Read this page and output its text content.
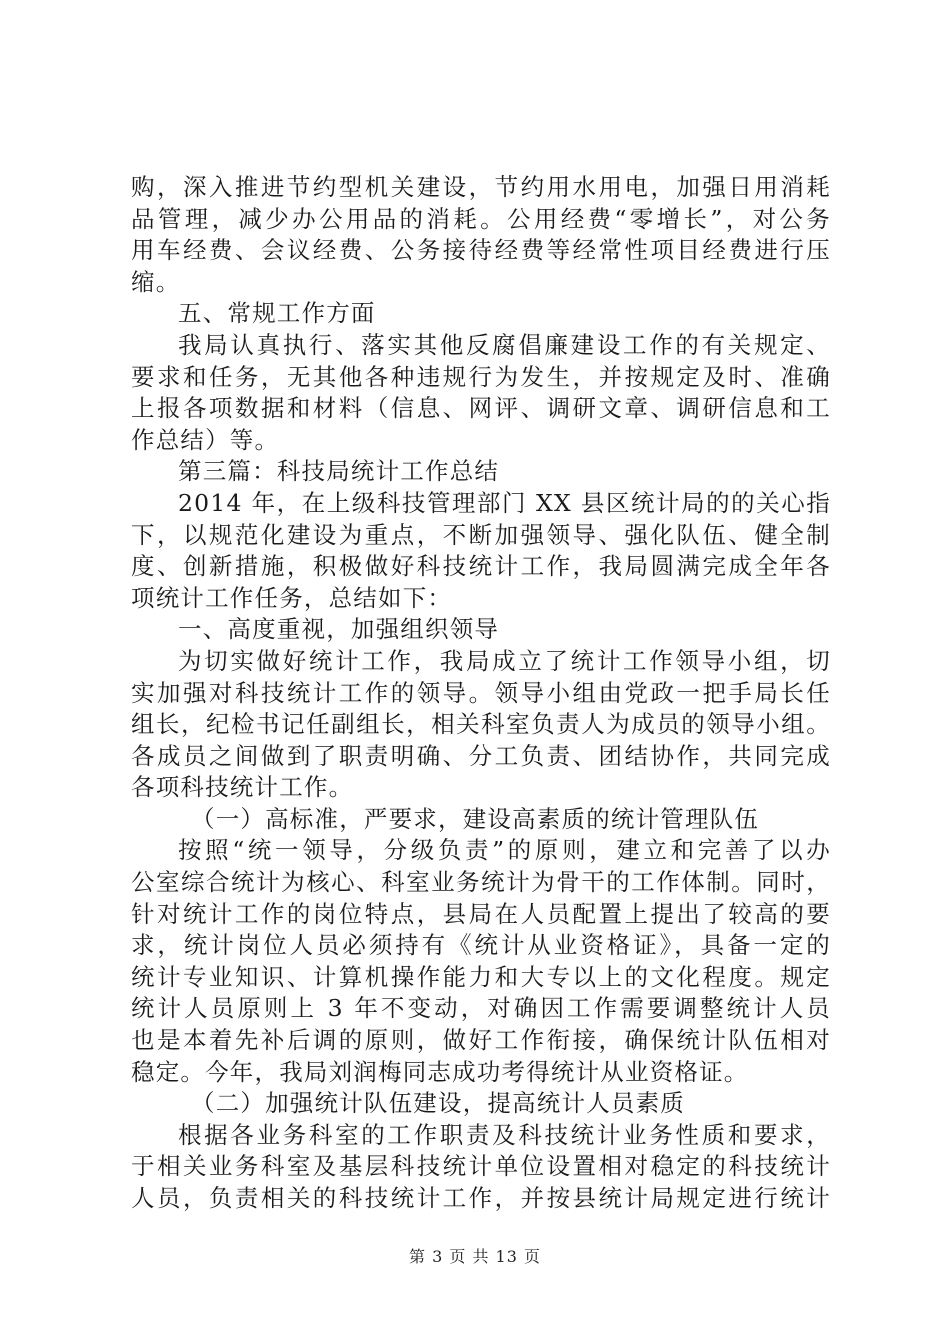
购，深入推进节约型机关建设，节约用水用电，加强日用消耗
品管理，减少办公用品的消耗。公用经费“零增长”，对公务
用车经费、会议经费、公务接待经费等经常性项目经费进行压
缩。
五、常规工作方面
我局认真执行、落实其他反腐倡廉建设工作的有关规定、
要求和任务，无其他各种违规行为发生，并按规定及时、准确
上报各项数据和材料（信息、网评、调研文章、调研信息和工
作总结）等。
第三篇：科技局统计工作总结
2014 年，在上级科技管理部门 XX 县区统计局的的关心指
下，以规范化建设为重点，不断加强领导、强化队伍、健全制
度、创新措施，积极做好科技统计工作，我局圆满完成全年各
项统计工作任务，总结如下：
一、高度重视，加强组织领导
为切实做好统计工作，我局成立了统计工作领导小组，切
实加强对科技统计工作的领导。领导小组由党政一把手局长任
组长，纪检书记任副组长，相关科室负责人为成员的领导小组。
各成员之间做到了职责明确、分工负责、团结协作，共同完成
各项科技统计工作。
（一）高标准，严要求，建设高素质的统计管理队伍
按照“统一领导，分级负责”的原则，建立和完善了以办
公室综合统计为核心、科室业务统计为骨干的工作体制。同时，
针对统计工作的岗位特点，县局在人员配置上提出了较高的要
求，统计岗位人员必须持有《统计从业资格证》，具备一定的
统计专业知识、计算机操作能力和大专以上的文化程度。规定
统计人员原则上 3 年不变动，对确因工作需要调整统计人员
也是本着先补后调的原则，做好工作衔接，确保统计队伍相对
稳定。今年，我局刘润梅同志成功考得统计从业资格证。
（二）加强统计队伍建设，提高统计人员素质
根据各业务科室的工作职责及科技统计业务性质和要求，
于相关业务科室及基层科技统计单位设置相对稳定的科技统计
人员，负责相关的科技统计工作，并按县统计局规定进行统计
第 3 页 共 13 页
